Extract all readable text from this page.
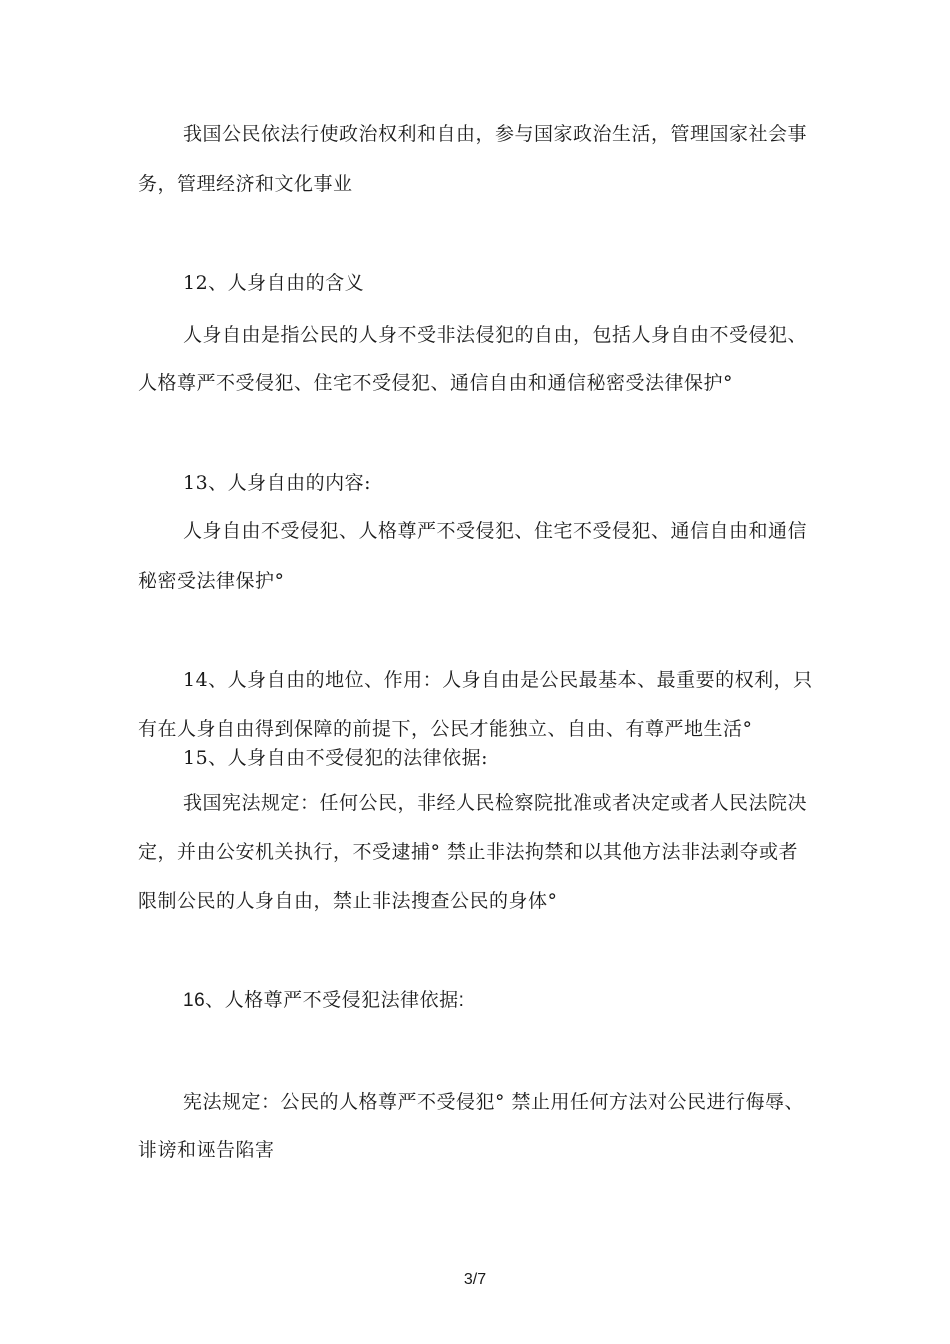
我国公民依法行使政治权利和自由，参与国家政治生活，管理国家社会事
务，管理经济和文化事业
12、人身自由的含义
人身自由是指公民的人身不受非法侵犯的自由，包括人身自由不受侵犯、
人格尊严不受侵犯、住宅不受侵犯、通信自由和通信秘密受法律保护°
13、人身自由的内容:
人身自由不受侵犯、人格尊严不受侵犯、住宅不受侵犯、通信自由和通信
秘密受法律保护°
14、人身自由的地位、作用：人身自由是公民最基本、最重要的权利，只
有在人身自由得到保障的前提下，公民才能独立、自由、有尊严地生活°
15、人身自由不受侵犯的法律依据:
我国宪法规定：任何公民，非经人民检察院批准或者决定或者人民法院决
定，并由公安机关执行，不受逮捕° 禁止非法拘禁和以其他方法非法剥夺或者
限制公民的人身自由，禁止非法搜查公民的身体°
16、人格尊严不受侵犯法律依据:
宪法规定：公民的人格尊严不受侵犯° 禁止用任何方法对公民进行侮辱、
诽谤和诬告陷害
3/7
